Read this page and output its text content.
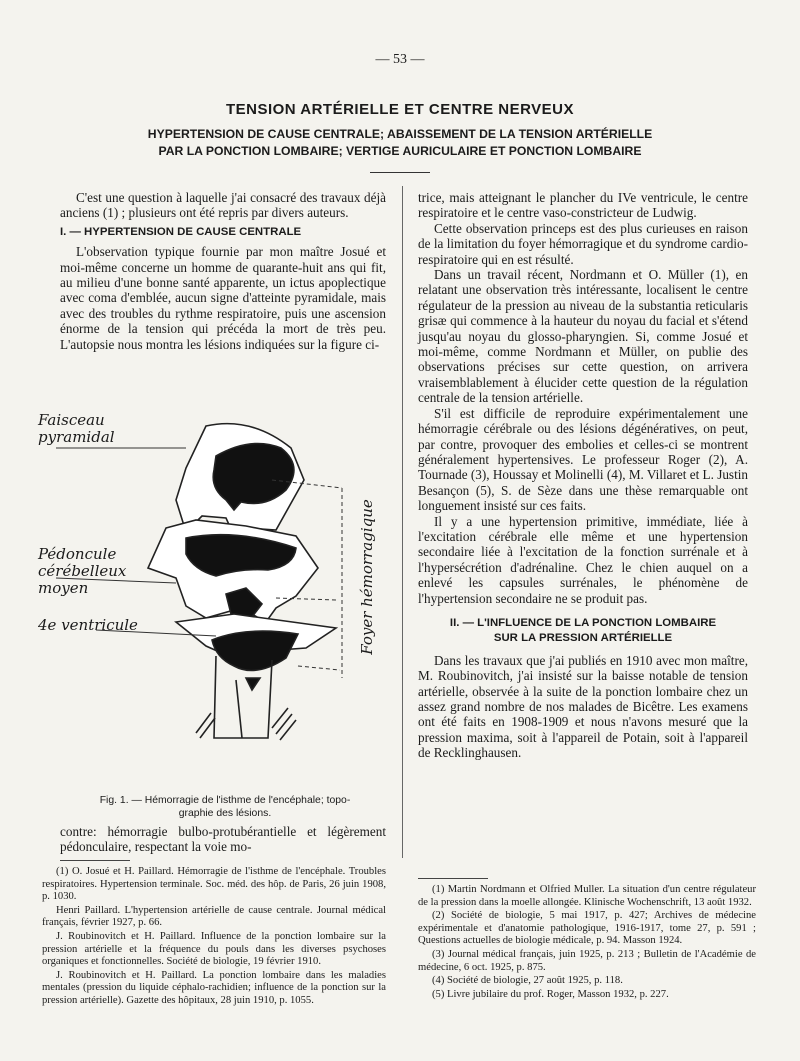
— 53 —
TENSION ARTÉRIELLE ET CENTRE NERVEUX
HYPERTENSION DE CAUSE CENTRALE; ABAISSEMENT DE LA TENSION ARTÉRIELLE
PAR LA PONCTION LOMBAIRE; VERTIGE AURICULAIRE ET PONCTION LOMBAIRE

C'est une question à laquelle j'ai consacré des travaux déjà anciens (1) ; plusieurs ont été repris par divers auteurs.

I. — HYPERTENSION DE CAUSE CENTRALE

L'observation typique fournie par mon maître Josué et moi-même concerne un homme de quarante-huit ans qui fit, au milieu d'une bonne santé apparente, un ictus apoplectique avec coma d'emblée, aucun signe d'atteinte pyramidale, mais avec des troubles du rythme respiratoire, puis une ascension énorme de la tension qui précéda la mort de très peu. L'autopsie nous montra les lésions indiquées sur la figure ci-

Faisceau
pyramidal
Pédoncule
cérébelleux
moyen
4e ventricule	Foyer hémorragique
Fig. 1. — Hémorragie de l'isthme de l'encéphale; topo-
graphie des lésions.

contre: hémorragie bulbo-protubérantielle et légèrement pédonculaire, respectant la voie mo-

(1) O. Josué et H. Paillard. Hémorragie de l'isthme de l'encéphale. Troubles respiratoires. Hypertension terminale. Soc. méd. des hôp. de Paris, 26 juin 1908, p. 1030.

Henri Paillard. L'hypertension artérielle de cause centrale. Journal médical français, février 1927, p. 66.

J. Roubinovitch et H. Paillard. Influence de la ponction lombaire sur la pression artérielle et la fréquence du pouls dans les diverses psychoses organiques et fonctionnelles. Société de biologie, 19 février 1910.

J. Roubinovitch et H. Paillard. La ponction lombaire dans les maladies mentales (pression du liquide céphalo-rachidien; influence de la ponction sur la pression artérielle). Gazette des hôpitaux, 28 juin 1910, p. 1055.

trice, mais atteignant le plancher du IVe ventricule, le centre respiratoire et le centre vaso-constricteur de Ludwig.

Cette observation princeps est des plus curieuses en raison de la limitation du foyer hémorragique et du syndrome cardio-respiratoire qui en est résulté.

Dans un travail récent, Nordmann et O. Müller (1), en relatant une observation très intéressante, localisent le centre régulateur de la pression au niveau de la substantia reticularis grisæ qui commence à la hauteur du noyau du facial et s'étend jusqu'au noyau du glosso-pharyngien. Si, comme Josué et moi-même, comme Nordmann et Müller, on publie des observations précises sur cette question, on arrivera vraisemblablement à élucider cette question de la régulation centrale de la tension artérielle.

S'il est difficile de reproduire expérimentalement une hémorragie cérébrale ou des lésions dégénératives, on peut, par contre, provoquer des embolies et celles-ci se montrent généralement hypertensives. Le professeur Roger (2), A. Tournade (3), Houssay et Molinelli (4), M. Villaret et L. Justin Besançon (5), S. de Sèze dans une thèse remarquable ont longuement insisté sur ces faits.

Il y a une hypertension primitive, immédiate, liée à l'excitation cérébrale elle même et une hypertension secondaire liée à l'excitation de la fonction surrénale et à l'hypersécrétion d'adrénaline. Chez le chien auquel on a enlevé les capsules surrénales, le phénomène de l'hypertension secondaire ne se produit pas.

II. — L'INFLUENCE DE LA PONCTION LOMBAIRE

SUR LA PRESSION ARTÉRIELLE

Dans les travaux que j'ai publiés en 1910 avec mon maître, M. Roubinovitch, j'ai insisté sur la baisse notable de tension artérielle, observée à la suite de la ponction lombaire chez un assez grand nombre de nos malades de Bicêtre. Les examens ont été faits en 1908-1909 et nous n'avons mesuré que la pression maxima, soit à l'appareil de Potain, soit à l'appareil de Recklinghausen.

(1) Martin Nordmann et Olfried Muller. La situation d'un centre régulateur de la pression dans la moelle allongée. Klinische Wochenschrift, 13 août 1932.

(2) Société de biologie, 5 mai 1917, p. 427; Archives de médecine expérimentale et d'anatomie pathologique, 1916-1917, tome 27, p. 591 ; Questions actuelles de biologie médicale, p. 94. Masson 1924.

(3) Journal médical français, juin 1925, p. 213 ; Bulletin de l'Académie de médecine, 6 oct. 1925, p. 875.

(4) Société de biologie, 27 août 1925, p. 118.

(5) Livre jubilaire du prof. Roger, Masson 1932, p. 227.
